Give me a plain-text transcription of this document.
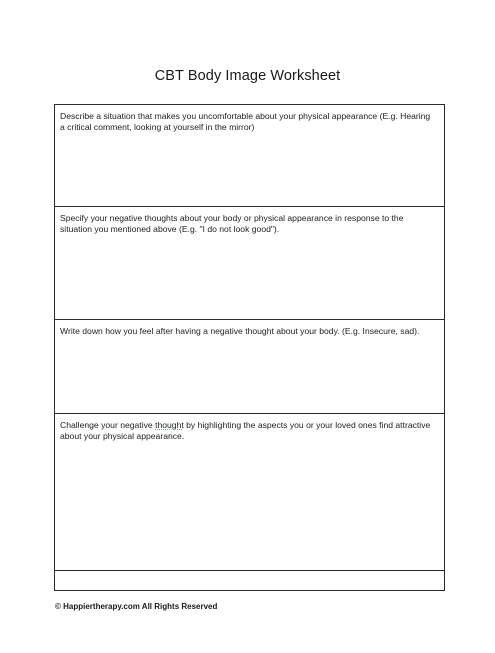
CBT Body Image Worksheet
Describe a situation that makes you uncomfortable about your physical appearance (E.g. Hearing a critical comment, looking at yourself in the mirror)
Specify your negative thoughts about your body or physical appearance in response to the situation you mentioned above (E.g. "I do not look good").
Write down how you feel after having a negative thought about your body. (E.g. Insecure, sad).
Challenge your negative thought by highlighting the aspects you or your loved ones find attractive about your physical appearance.
© Happiertherapy.com All Rights Reserved
